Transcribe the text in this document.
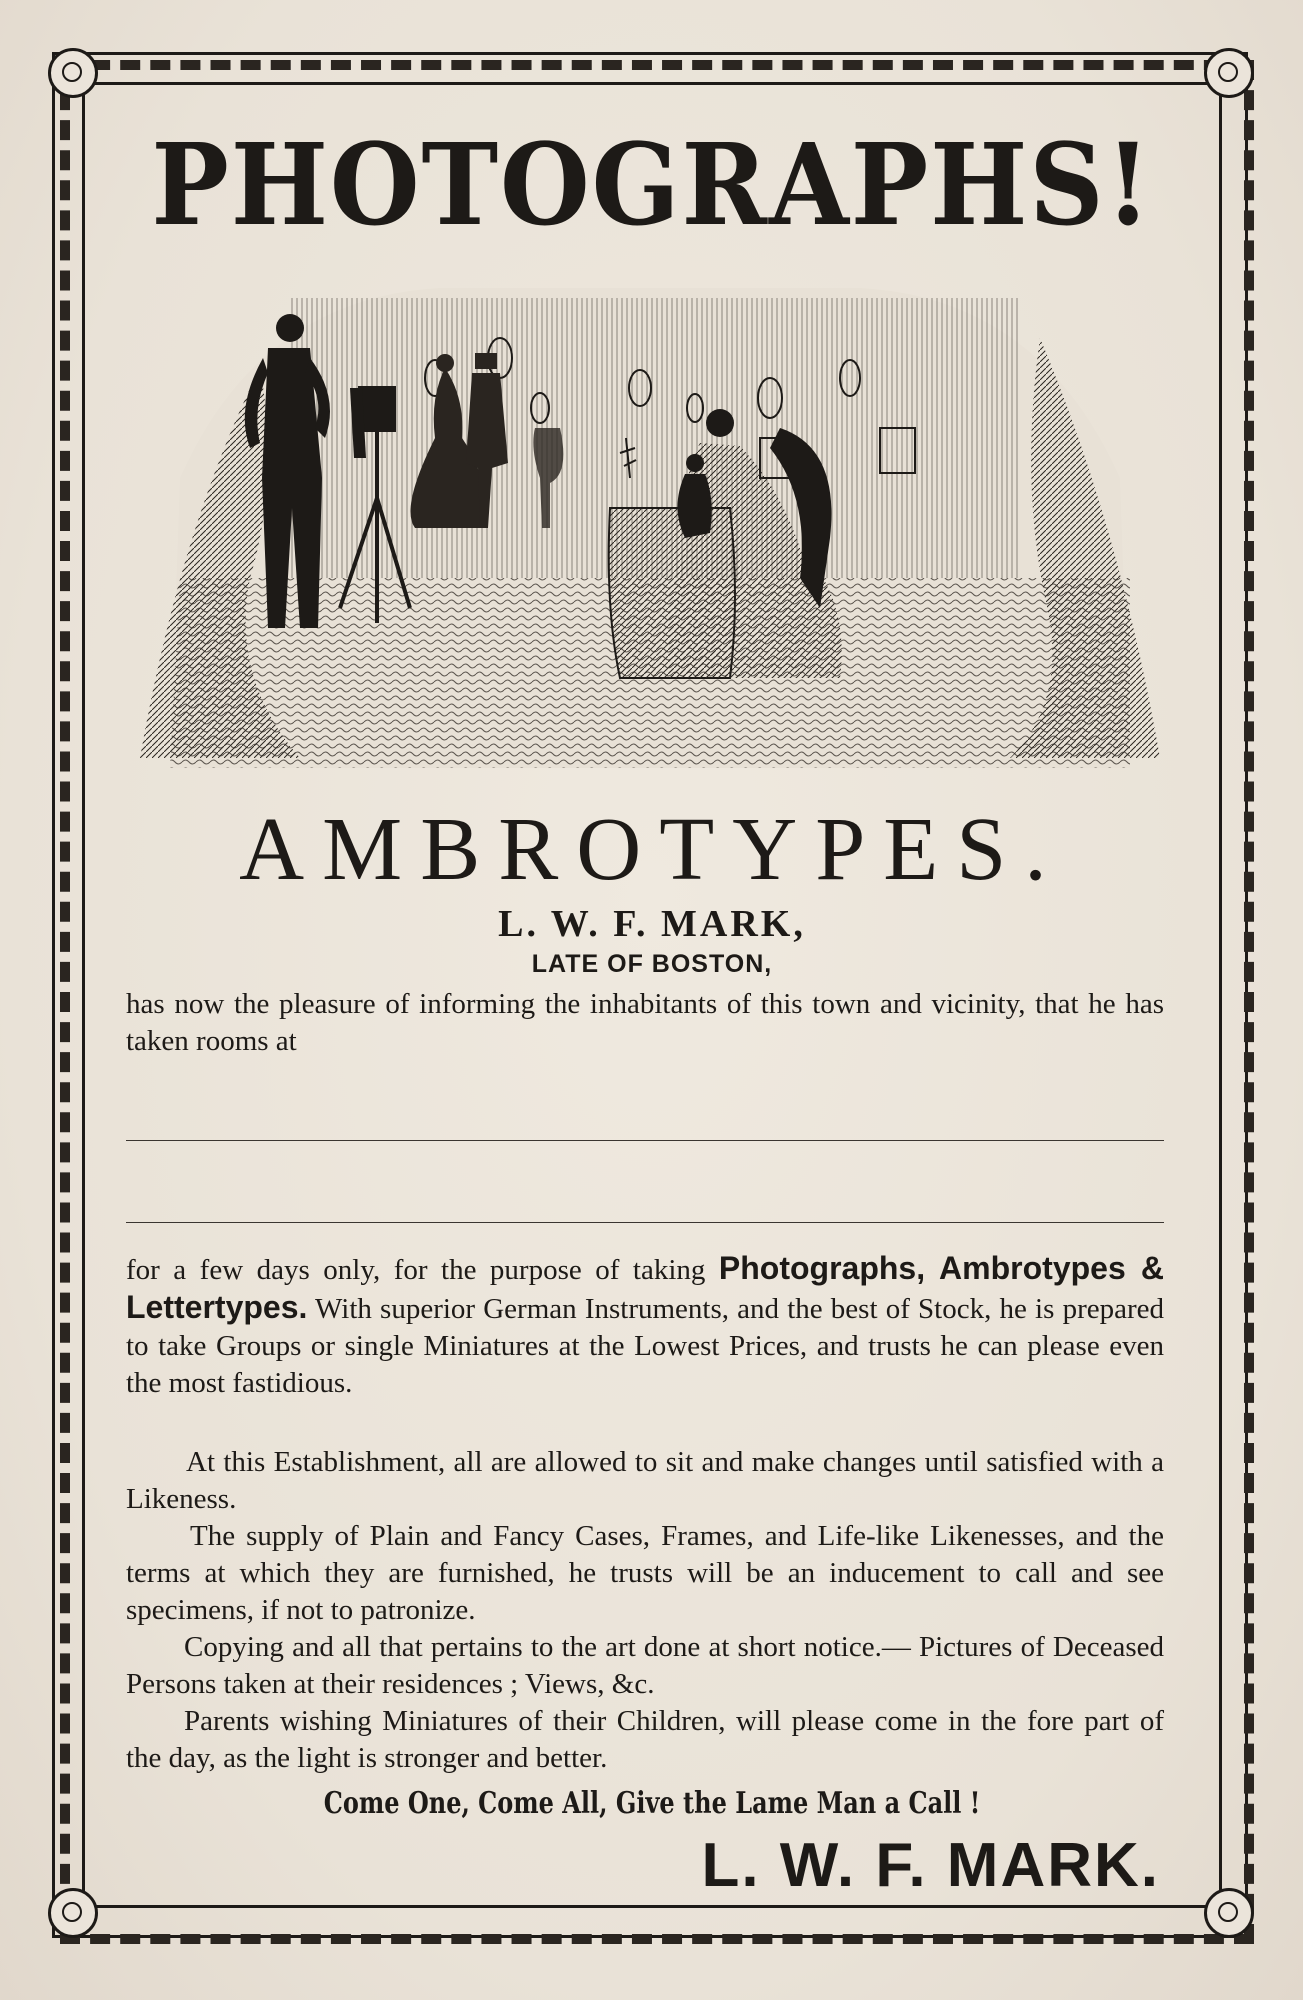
PHOTOGRAPHS!
AMBROTYPES.
L. W. F. MARK,
LATE OF BOSTON,
has now the pleasure of informing the inhabitants of this town and vicinity, that he has taken rooms at
for a few days only, for the purpose of taking Photographs, Ambrotypes & Lettertypes. With superior German Instruments, and the best of Stock, he is prepared to take Groups or single Miniatures at the Lowest Prices, and trusts he can please even the most fastidious.
At this Establishment, all are allowed to sit and make changes until satisfied with a Likeness.
The supply of Plain and Fancy Cases, Frames, and Life-like Likenesses, and the terms at which they are furnished, he trusts will be an inducement to call and see specimens, if not to patronize.
Copying and all that pertains to the art done at short notice.— Pictures of Deceased Persons taken at their residences ; Views, &c.
Parents wishing Miniatures of their Children, will please come in the fore part of the day, as the light is stronger and better.
Come One, Come All, Give the Lame Man a Call !
L. W. F. MARK.
